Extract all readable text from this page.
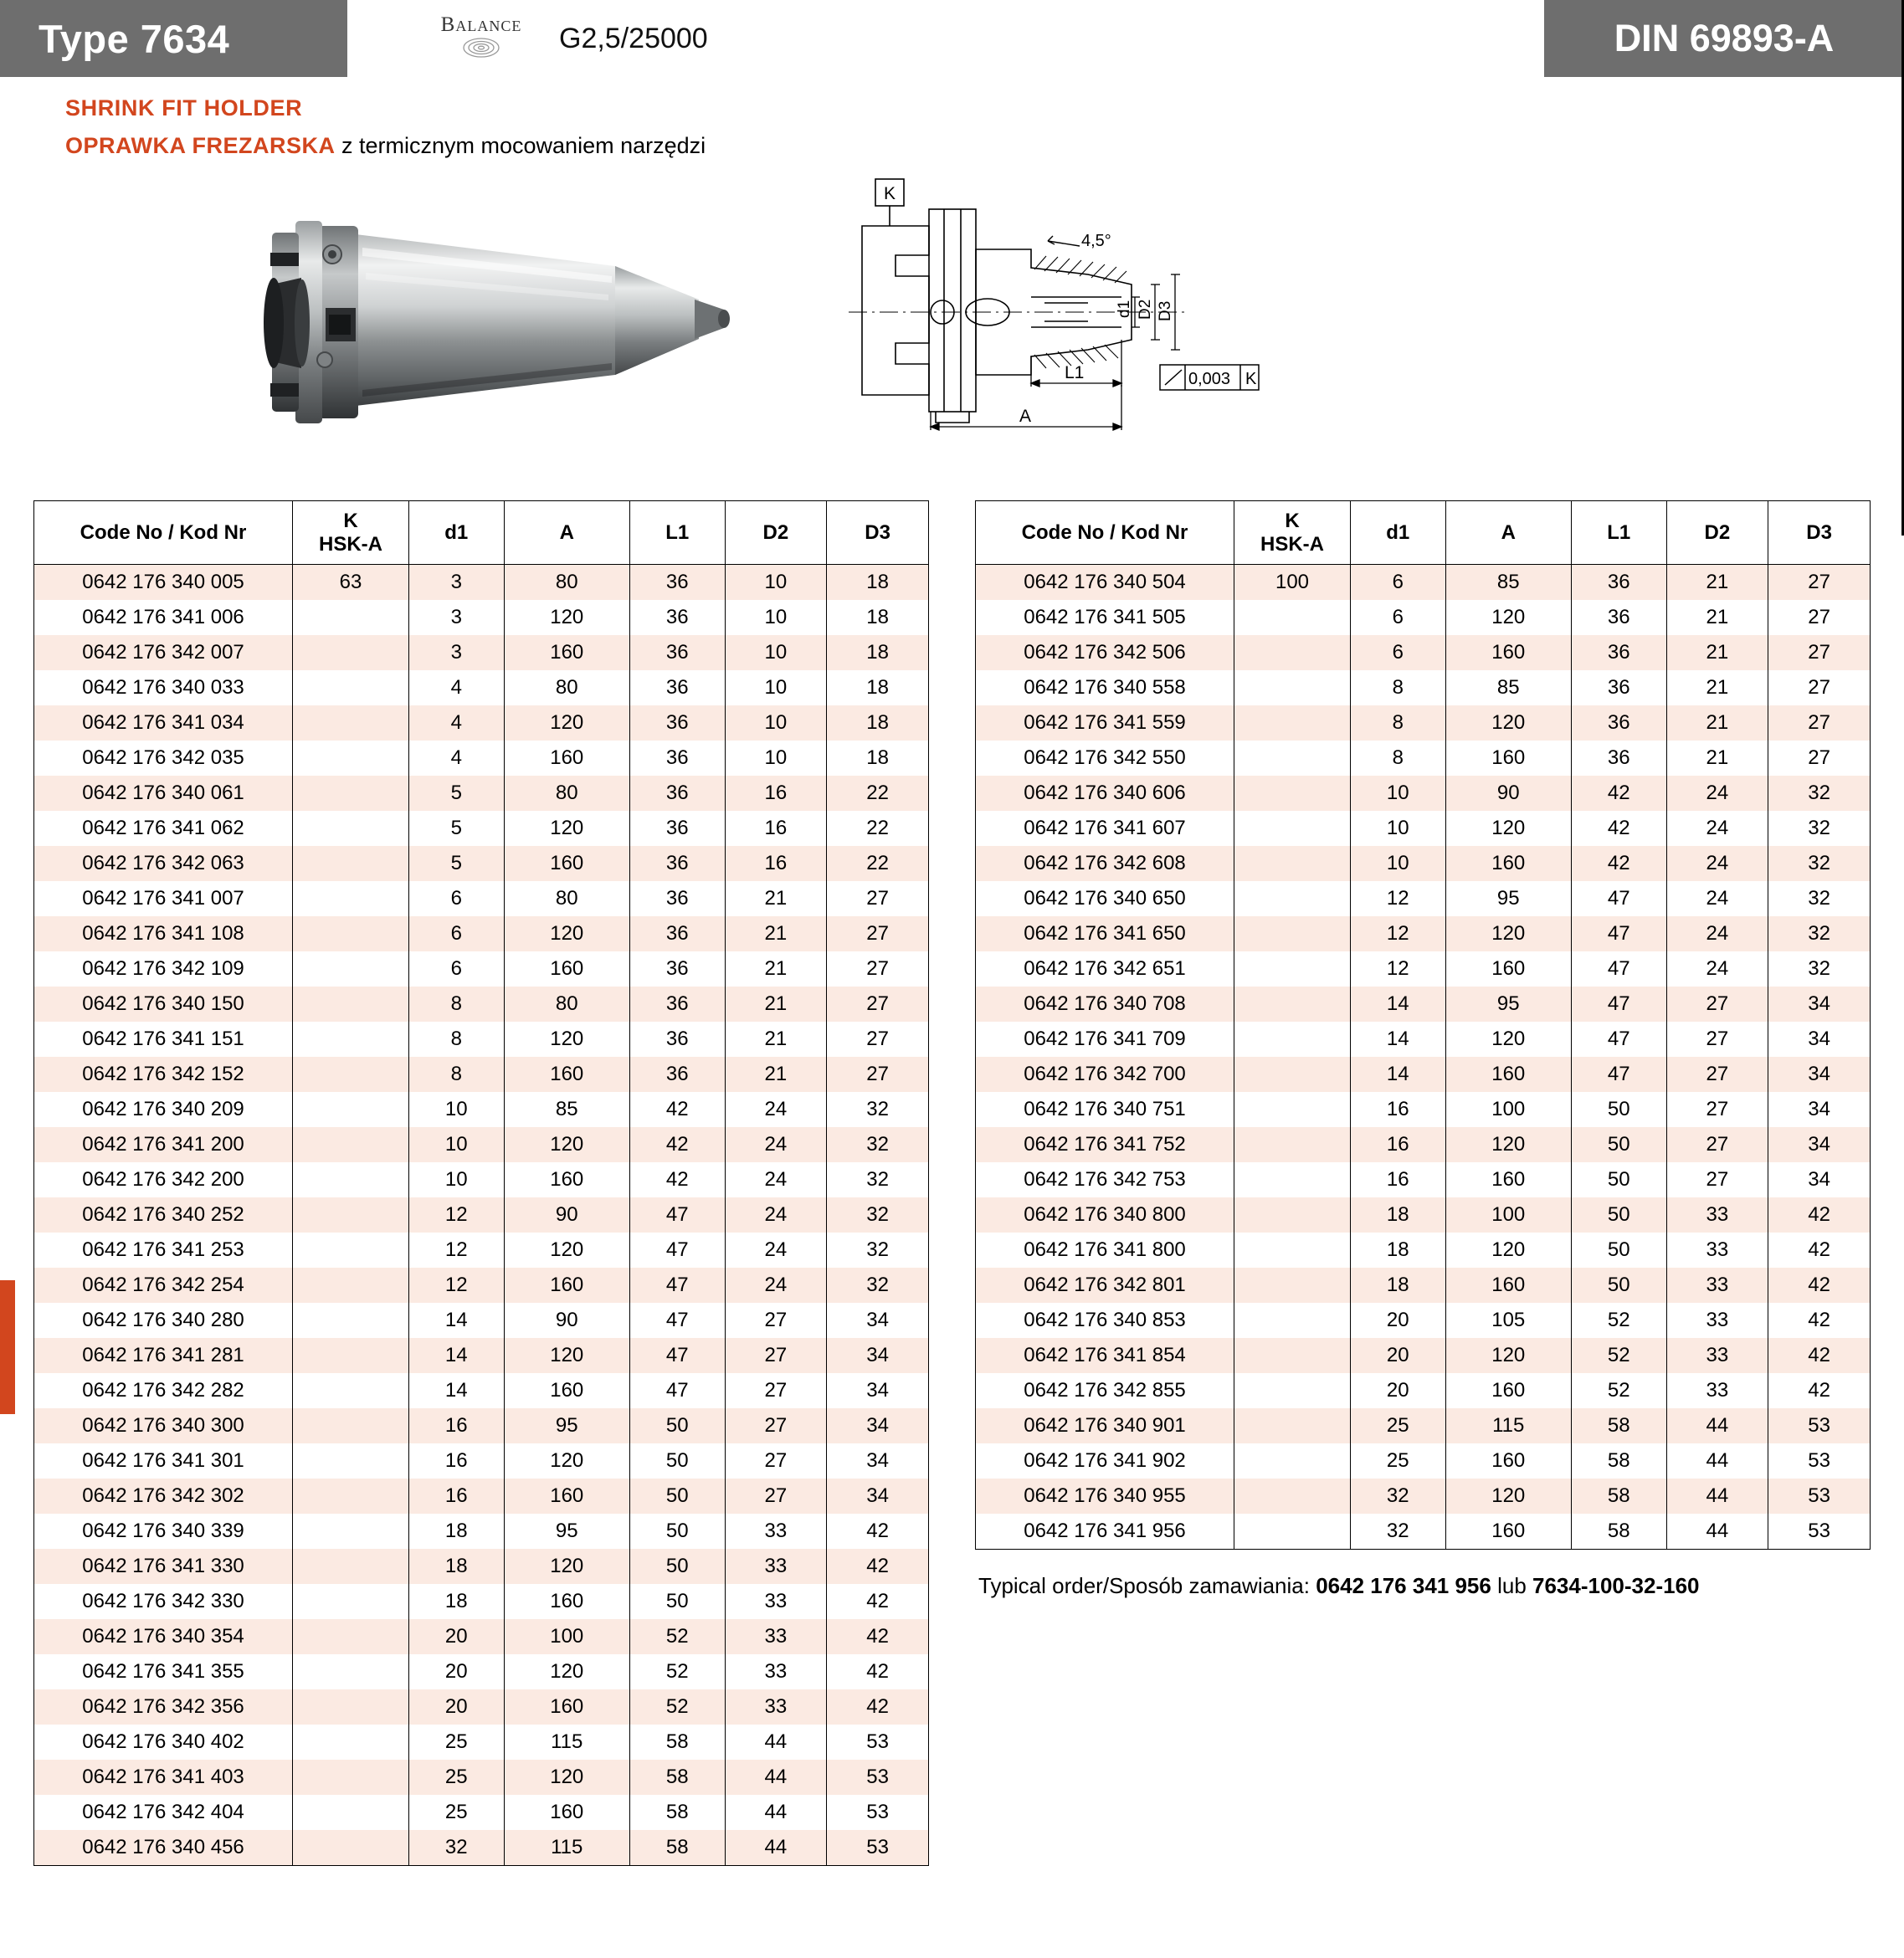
Type 7634	Balance G2,5/25000	DIN 69893-A
SHRINK FIT HOLDER
OPRAWKA FREZARSKA z termicznym mocowaniem narzędzi
K
4,5°
d1 D2 D3
L1
A
0,003 K
Code No / Kod Nr	K
HSK-A	d1	A	L1	D2	D3
0642 176 340 005	63	3	80	36	10	18
0642 176 341 006		3	120	36	10	18
0642 176 342 007		3	160	36	10	18
0642 176 340 033		4	80	36	10	18
0642 176 341 034		4	120	36	10	18
0642 176 342 035		4	160	36	10	18
0642 176 340 061		5	80	36	16	22
0642 176 341 062		5	120	36	16	22
0642 176 342 063		5	160	36	16	22
0642 176 341 007		6	80	36	21	27
0642 176 341 108		6	120	36	21	27
0642 176 342 109		6	160	36	21	27
0642 176 340 150		8	80	36	21	27
0642 176 341 151		8	120	36	21	27
0642 176 342 152		8	160	36	21	27
0642 176 340 209		10	85	42	24	32
0642 176 341 200		10	120	42	24	32
0642 176 342 200		10	160	42	24	32
0642 176 340 252		12	90	47	24	32
0642 176 341 253		12	120	47	24	32
0642 176 342 254		12	160	47	24	32
0642 176 340 280		14	90	47	27	34
0642 176 341 281		14	120	47	27	34
0642 176 342 282		14	160	47	27	34
0642 176 340 300		16	95	50	27	34
0642 176 341 301		16	120	50	27	34
0642 176 342 302		16	160	50	27	34
0642 176 340 339		18	95	50	33	42
0642 176 341 330		18	120	50	33	42
0642 176 342 330		18	160	50	33	42
0642 176 340 354		20	100	52	33	42
0642 176 341 355		20	120	52	33	42
0642 176 342 356		20	160	52	33	42
0642 176 340 402		25	115	58	44	53
0642 176 341 403		25	120	58	44	53
0642 176 342 404		25	160	58	44	53
0642 176 340 456		32	115	58	44	53
Code No / Kod Nr	K
HSK-A	d1	A	L1	D2	D3
0642 176 340 504	100	6	85	36	21	27
0642 176 341 505		6	120	36	21	27
0642 176 342 506		6	160	36	21	27
0642 176 340 558		8	85	36	21	27
0642 176 341 559		8	120	36	21	27
0642 176 342 550		8	160	36	21	27
0642 176 340 606		10	90	42	24	32
0642 176 341 607		10	120	42	24	32
0642 176 342 608		10	160	42	24	32
0642 176 340 650		12	95	47	24	32
0642 176 341 650		12	120	47	24	32
0642 176 342 651		12	160	47	24	32
0642 176 340 708		14	95	47	27	34
0642 176 341 709		14	120	47	27	34
0642 176 342 700		14	160	47	27	34
0642 176 340 751		16	100	50	27	34
0642 176 341 752		16	120	50	27	34
0642 176 342 753		16	160	50	27	34
0642 176 340 800		18	100	50	33	42
0642 176 341 800		18	120	50	33	42
0642 176 342 801		18	160	50	33	42
0642 176 340 853		20	105	52	33	42
0642 176 341 854		20	120	52	33	42
0642 176 342 855		20	160	52	33	42
0642 176 340 901		25	115	58	44	53
0642 176 341 902		25	160	58	44	53
0642 176 340 955		32	120	58	44	53
0642 176 341 956		32	160	58	44	53
Typical order/Sposób zamawiania: 0642 176 341 956 lub 7634-100-32-160
